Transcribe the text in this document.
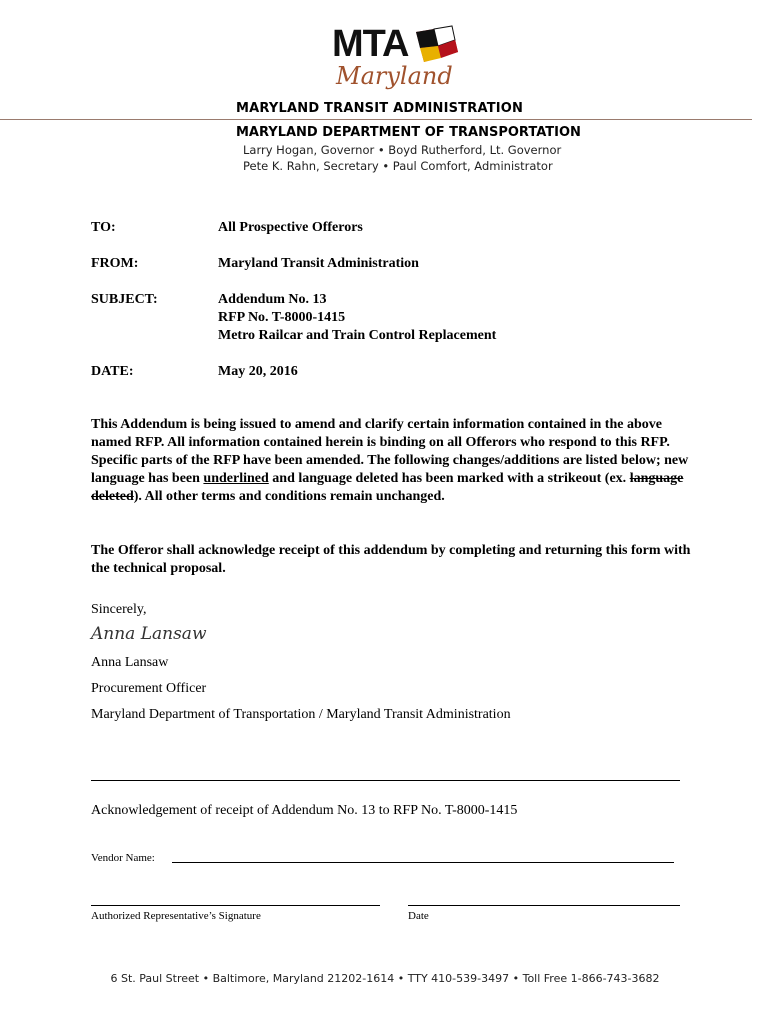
MTA
Maryland
MARYLAND TRANSIT ADMINISTRATION
MARYLAND DEPARTMENT OF TRANSPORTATION
Larry Hogan, Governor • Boyd Rutherford, Lt. Governor
Pete K. Rahn, Secretary • Paul Comfort, Administrator
TO:	All Prospective Offerors
FROM:	Maryland Transit Administration
SUBJECT:	Addendum No. 13
RFP No. T-8000-1415
Metro Railcar and Train Control Replacement
DATE:	May 20, 2016
This Addendum is being issued to amend and clarify certain information contained in the above named RFP. All information contained herein is binding on all Offerors who respond to this RFP. Specific parts of the RFP have been amended. The following changes/additions are listed below; new language has been underlined and language deleted has been marked with a strikeout (ex. language deleted). All other terms and conditions remain unchanged.
The Offeror shall acknowledge receipt of this addendum by completing and returning this form with the technical proposal.
Sincerely,
Anna Lansaw
Anna Lansaw
Procurement Officer
Maryland Department of Transportation / Maryland Transit Administration
Acknowledgement of receipt of Addendum No. 13 to RFP No. T-8000-1415
Vendor Name:
Authorized Representative’s Signature	Date
6 St. Paul Street • Baltimore, Maryland 21202-1614 • TTY 410-539-3497 • Toll Free 1-866-743-3682
